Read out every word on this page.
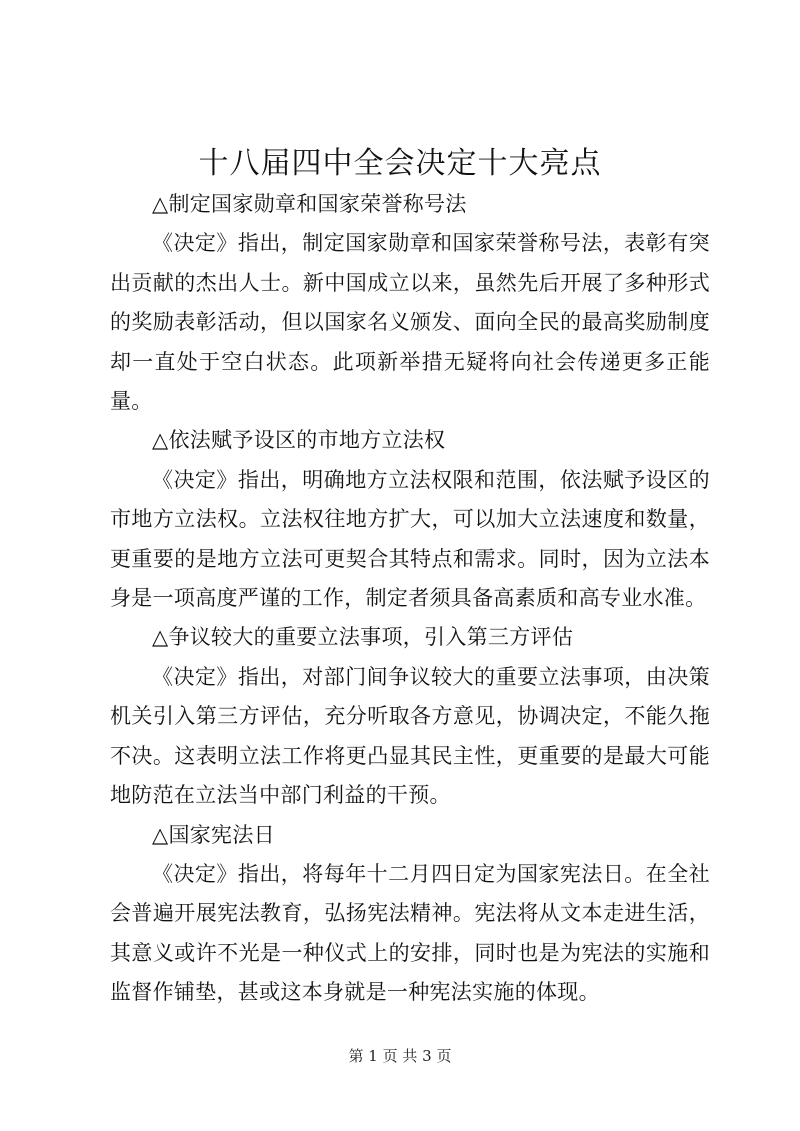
十八届四中全会决定十大亮点

△制定国家勋章和国家荣誉称号法

《决定》指出，制定国家勋章和国家荣誉称号法，表彰有突出贡献的杰出人士。新中国成立以来，虽然先后开展了多种形式的奖励表彰活动，但以国家名义颁发、面向全民的最高奖励制度却一直处于空白状态。此项新举措无疑将向社会传递更多正能量。

△依法赋予设区的市地方立法权

《决定》指出，明确地方立法权限和范围，依法赋予设区的市地方立法权。立法权往地方扩大，可以加大立法速度和数量，更重要的是地方立法可更契合其特点和需求。同时，因为立法本身是一项高度严谨的工作，制定者须具备高素质和高专业水准。

△争议较大的重要立法事项，引入第三方评估

《决定》指出，对部门间争议较大的重要立法事项，由决策机关引入第三方评估，充分听取各方意见，协调决定，不能久拖不决。这表明立法工作将更凸显其民主性，更重要的是最大可能地防范在立法当中部门利益的干预。

△国家宪法日

《决定》指出，将每年十二月四日定为国家宪法日。在全社会普遍开展宪法教育，弘扬宪法精神。宪法将从文本走进生活，其意义或许不光是一种仪式上的安排，同时也是为宪法的实施和监督作铺垫，甚或这本身就是一种宪法实施的体现。

第 1 页 共 3 页
